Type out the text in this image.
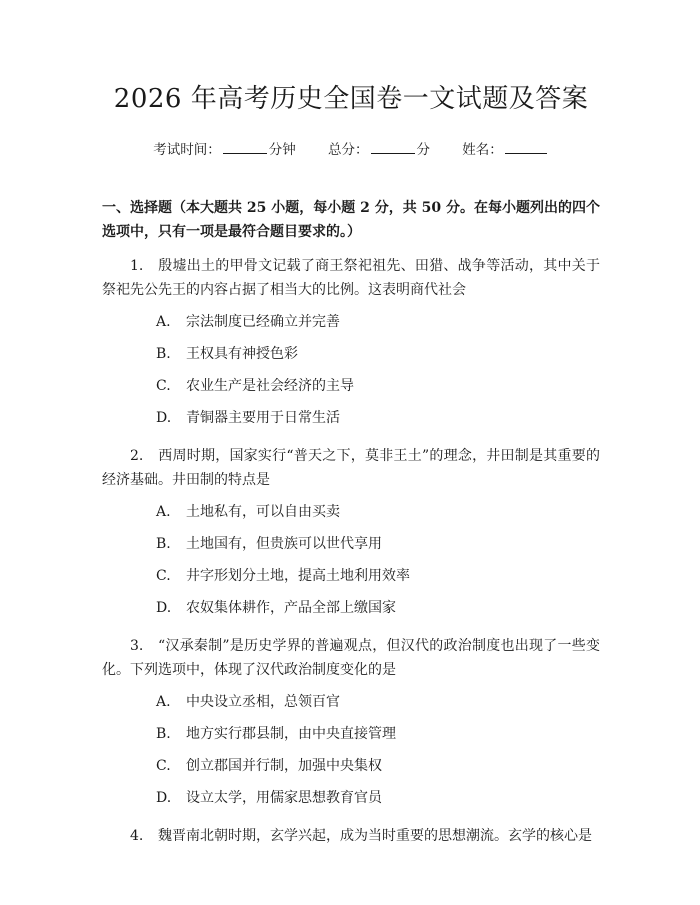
2026 年高考历史全国卷一文试题及答案
考试时间：	分钟 总分：	分 姓名：
一、选择题（本大题共 25 小题，每小题 2 分，共 50 分。在每小题列出的四个选项中，只有一项是最符合题目要求的。）
1. 殷墟出土的甲骨文记载了商王祭祀祖先、田猎、战争等活动，其中关于祭祀先公先王的内容占据了相当大的比例。这表明商代社会
A.	宗法制度已经确立并完善
B.	王权具有神授色彩
C.	农业生产是社会经济的主导
D.	青铜器主要用于日常生活
2. 西周时期，国家实行“普天之下，莫非王土”的理念，井田制是其重要的经济基础。井田制的特点是
A.	土地私有，可以自由买卖
B.	土地国有，但贵族可以世代享用
C.	井字形划分土地，提高土地利用效率
D.	农奴集体耕作，产品全部上缴国家
3. “汉承秦制”是历史学界的普遍观点，但汉代的政治制度也出现了一些变化。下列选项中，体现了汉代政治制度变化的是
A.	中央设立丞相，总领百官
B.	地方实行郡县制，由中央直接管理
C.	创立郡国并行制，加强中央集权
D.	设立太学，用儒家思想教育官员
4. 魏晋南北朝时期，玄学兴起，成为当时重要的思想潮流。玄学的核心是
